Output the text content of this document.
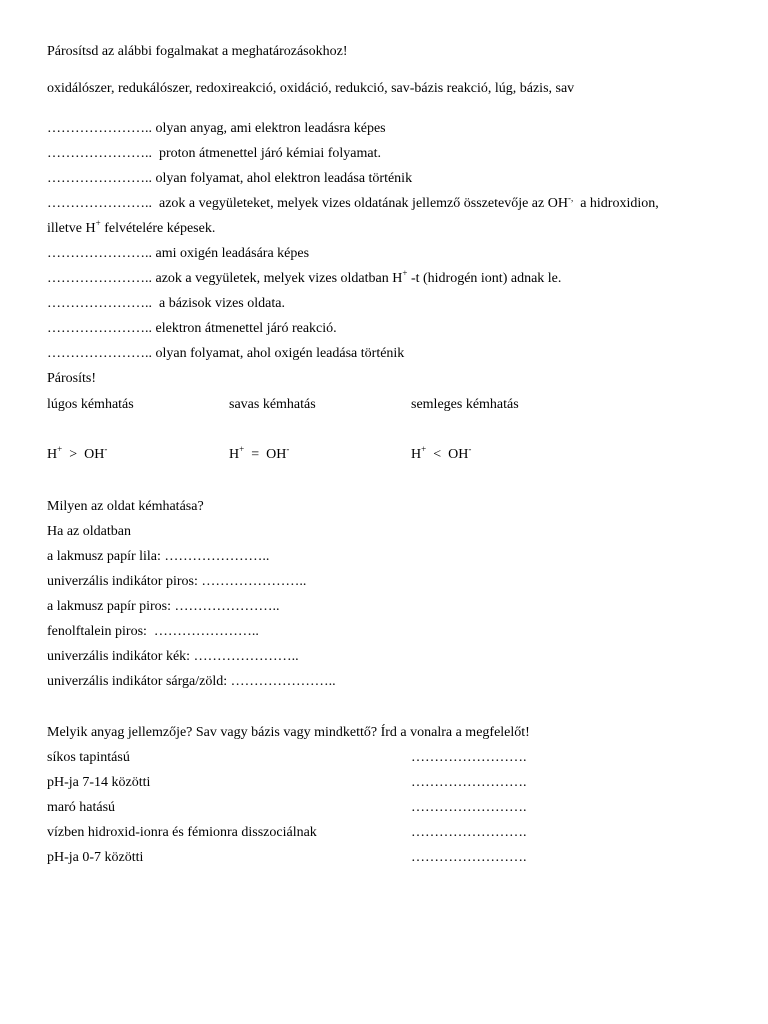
Párosítsd az alábbi fogalmakat a meghatározásokhoz!
oxidálószer, redukálószer, redoxireakció, oxidáció, redukció, sav-bázis reakció, lúg, bázis, sav
………………….. olyan anyag, ami elektron leadásra képes
………………….. proton átmenettel járó kémiai folyamat.
………………….. olyan folyamat, ahol elektron leadása történik
………………….. azok a vegyületeket, melyek vizes oldatának jellemző összetevője az OH-, a hidroxidion,
illetve H+ felvételére képesek.
………………….. ami oxigén leadására képes
………………….. azok a vegyületek, melyek vizes oldatban H+ -t (hidrogén iont) adnak le.
………………….. a bázisok vizes oldata.
………………….. elektron átmenettel járó reakció.
………………….. olyan folyamat, ahol oxigén leadása történik
Párosíts!
lúgos kémhatás	savas kémhatás	semleges kémhatás
H+ > OH-	H+ = OH-	H+ < OH-
Milyen az oldat kémhatása?
Ha az oldatban
a lakmusz papír lila: …………………..
univerzális indikátor piros: …………………..
a lakmusz papír piros: …………………..
fenolftalein piros: …………………..
univerzális indikátor kék: …………………..
univerzális indikátor sárga/zöld: …………………..
Melyik anyag jellemzője? Sav vagy bázis vagy mindkettő? Írd a vonalra a megfelelőt!
síkos tapintású	…………………….
pH-ja 7-14 közötti	…………………….
maró hatású	…………………….
vízben hidroxid-ionra és fémionra disszociálnak	…………………….
pH-ja 0-7 közötti	…………………….
